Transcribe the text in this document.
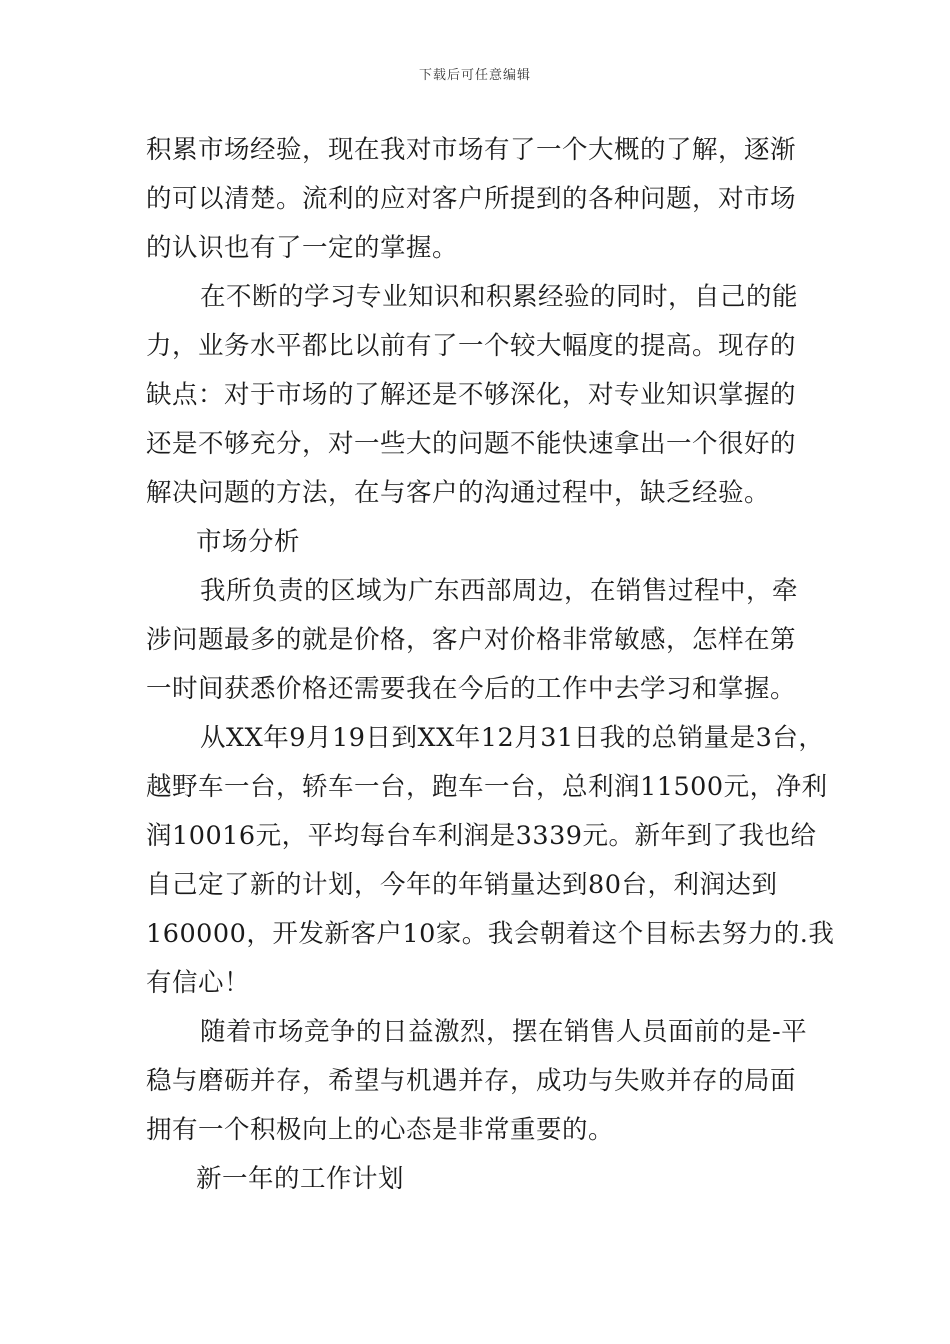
下载后可任意编辑
积累市场经验，现在我对市场有了一个大概的了解，逐渐
的可以清楚。流利的应对客户所提到的各种问题，对市场
的认识也有了一定的掌握。
在不断的学习专业知识和积累经验的同时，自己的能
力，业务水平都比以前有了一个较大幅度的提高。现存的
缺点：对于市场的了解还是不够深化，对专业知识掌握的
还是不够充分，对一些大的问题不能快速拿出一个很好的
解决问题的方法，在与客户的沟通过程中，缺乏经验。
市场分析
我所负责的区域为广东西部周边，在销售过程中，牵
涉问题最多的就是价格，客户对价格非常敏感，怎样在第
一时间获悉价格还需要我在今后的工作中去学习和掌握。
从XX年9月19日到XX年12月31日我的总销量是3台，
越野车一台，轿车一台，跑车一台，总利润11500元，净利
润10016元，平均每台车利润是3339元。新年到了我也给
自己定了新的计划，今年的年销量达到80台，利润达到
160000，开发新客户10家。我会朝着这个目标去努力的.我
有信心！
随着市场竞争的日益激烈，摆在销售人员面前的是-平
稳与磨砺并存，希望与机遇并存，成功与失败并存的局面
拥有一个积极向上的心态是非常重要的。
新一年的工作计划
